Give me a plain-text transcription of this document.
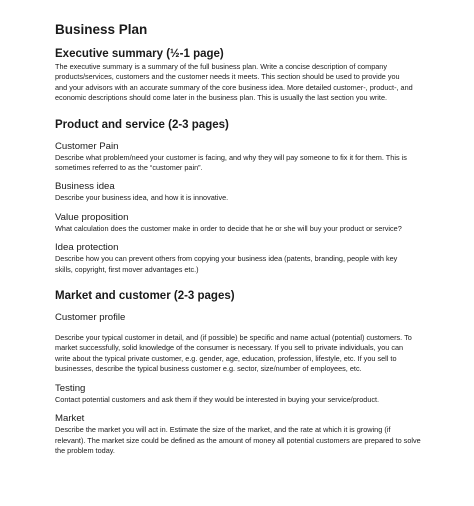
Business Plan
Executive summary (½-1 page)
The executive summary is a summary of the full business plan. Write a concise description of company
products/services, customers and the customer needs it meets. This section should be used to provide you
and your advisors with an accurate summary of the core business idea. More detailed customer-, product-, and
economic descriptions should come later in the business plan. This is usually the last section you write.
Product and service (2-3 pages)
Customer Pain
Describe what problem/need your customer is facing, and why they will pay someone to fix it for them. This is
sometimes referred to as the “customer pain”.
Business idea
Describe your business idea, and how it is innovative.
Value proposition
What calculation does the customer make in order to decide that he or she will buy your product or service?
Idea protection
Describe how you can prevent others from copying your business idea (patents, branding, people with key
skills, copyright, first mover advantages etc.)
Market and customer (2-3 pages)
Customer profile
Describe your typical customer in detail, and (if possible) be specific and name actual (potential) customers. To
market successfully, solid knowledge of the consumer is necessary. If you sell to private individuals, you can
write about the typical private customer, e.g. gender, age, education, profession, lifestyle, etc. If you sell to
businesses, describe the typical business customer e.g. sector, size/number of employees, etc.
Testing
Contact potential customers and ask them if they would be interested in buying your service/product.
Market
Describe the market you will act in. Estimate the size of the market, and the rate at which it is growing (if
relevant). The market size could be defined as the amount of money all potential customers are prepared to solve
the problem today.
